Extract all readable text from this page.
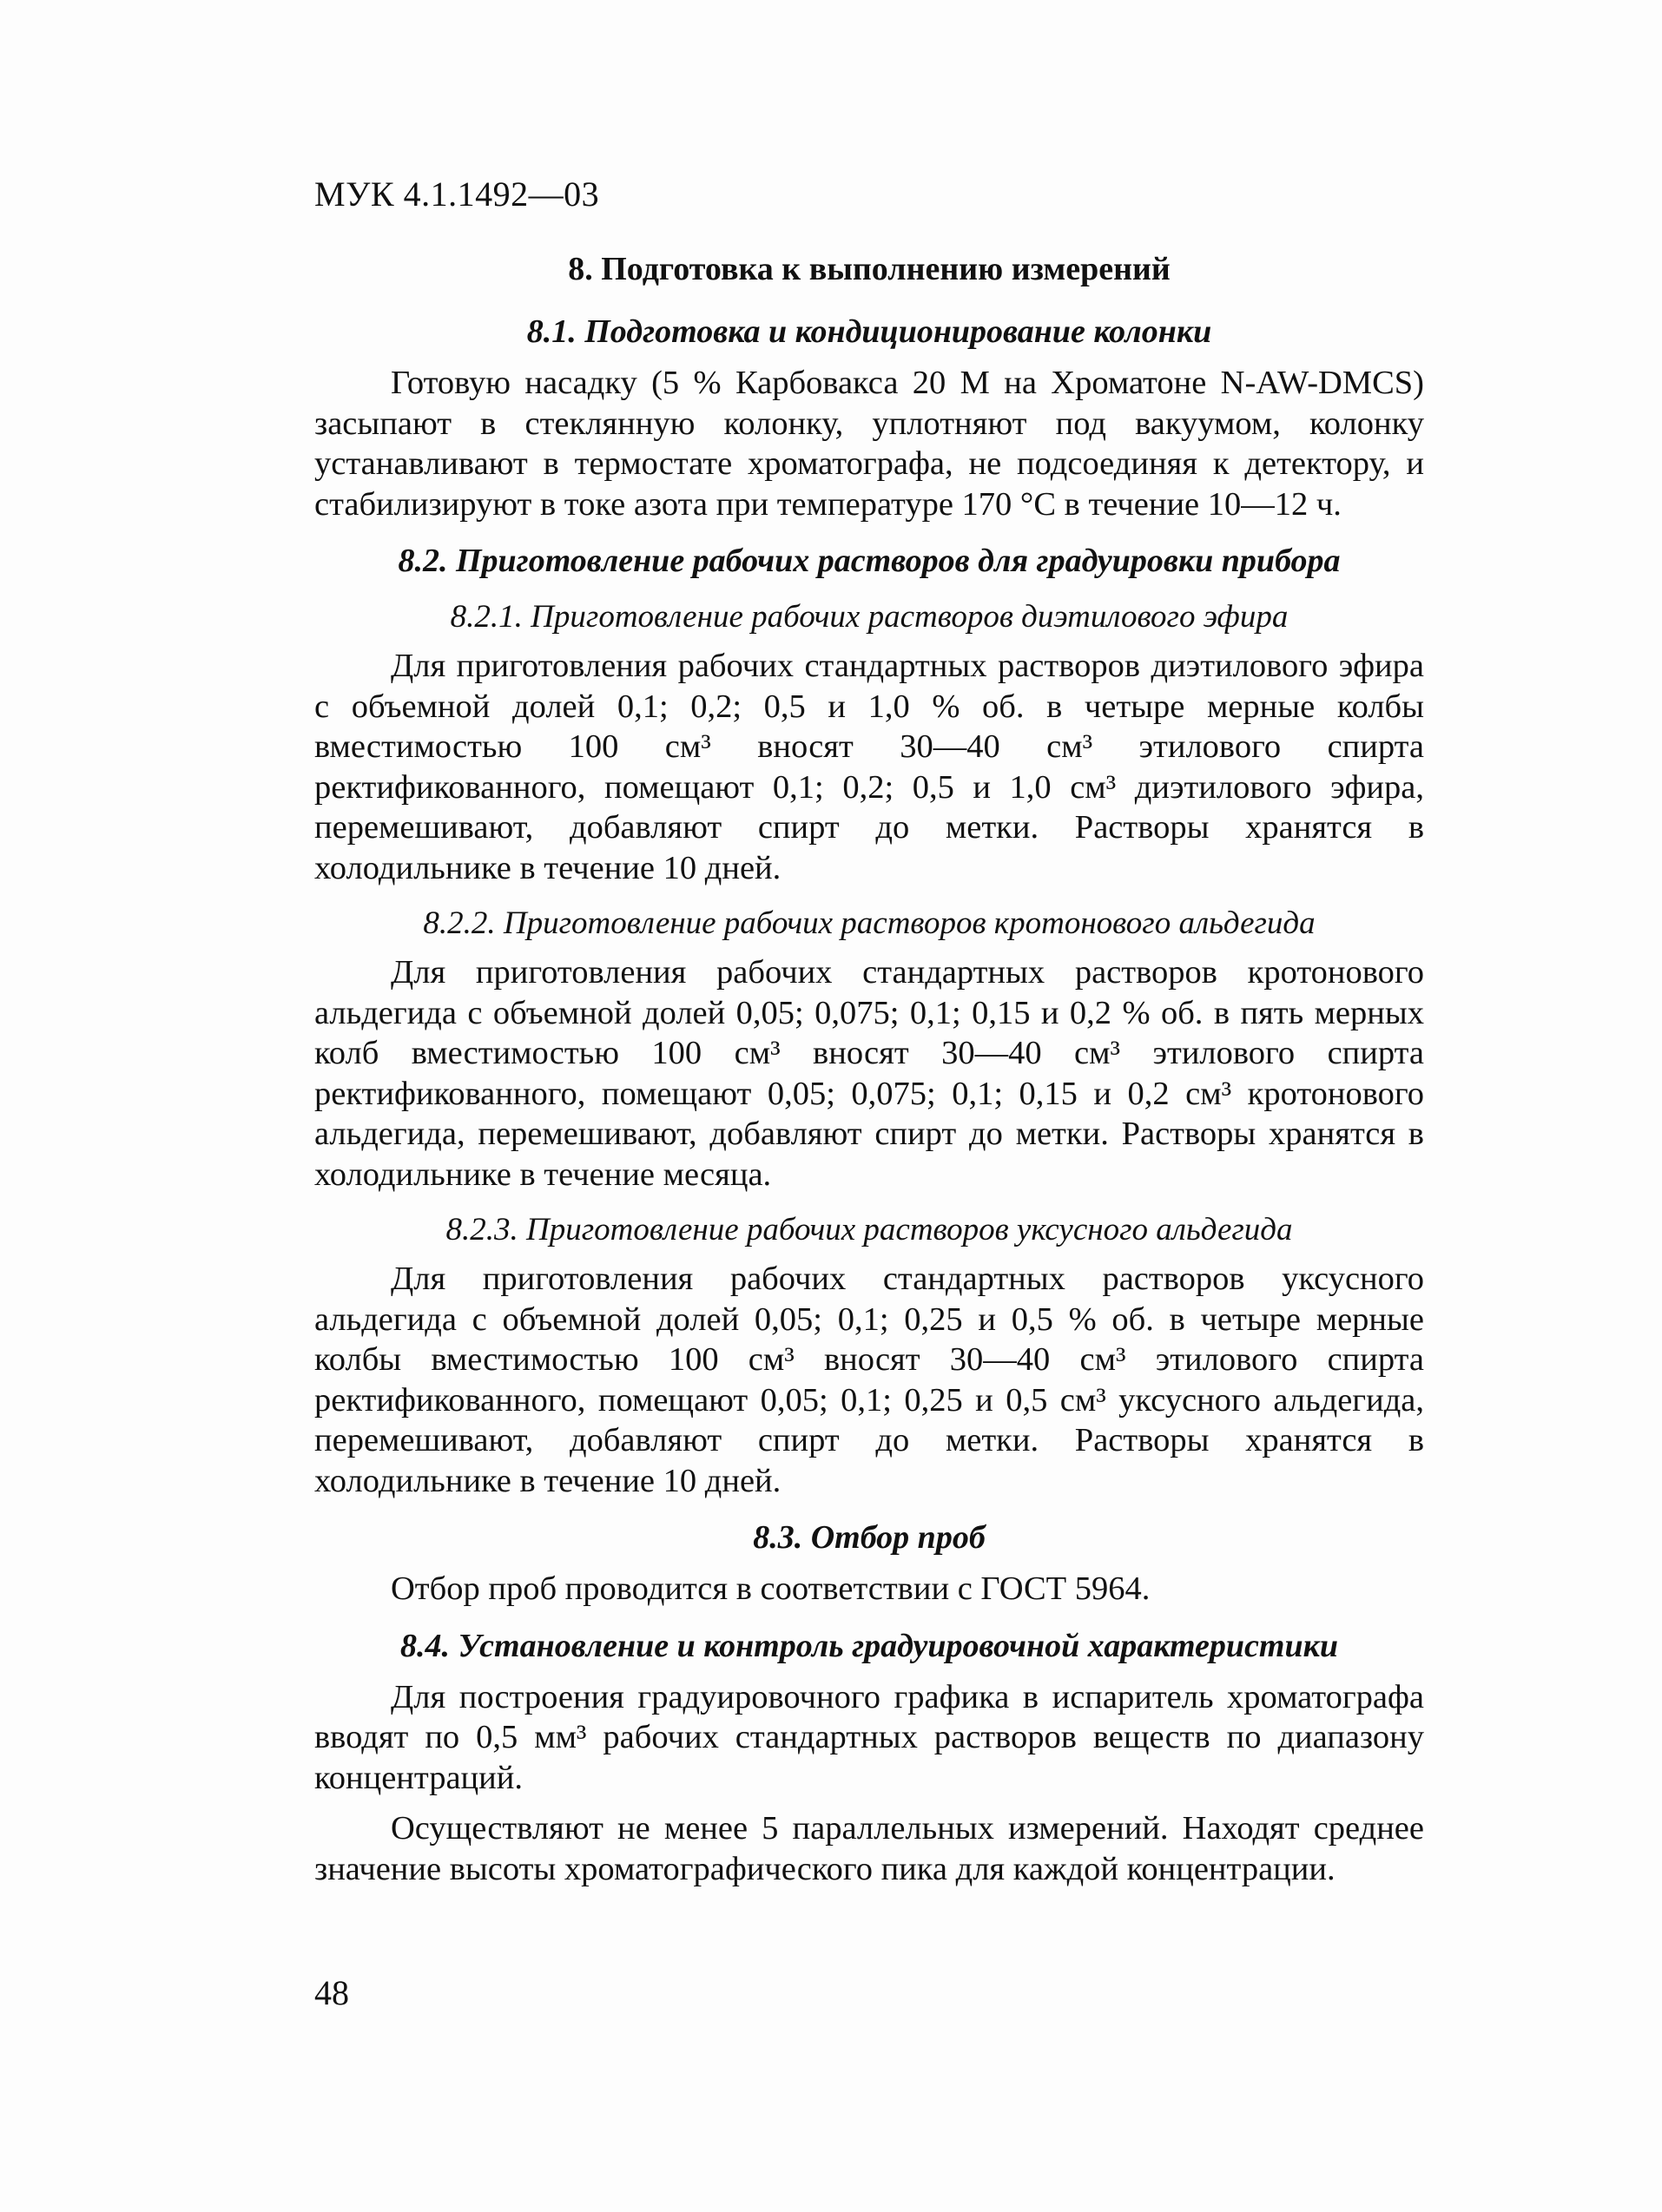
МУК 4.1.1492—03
8. Подготовка к выполнению измерений
8.1. Подготовка и кондиционирование колонки

Готовую насадку (5 % Карбовакса 20 М на Хроматоне N-AW-DMCS) засыпают в стеклянную колонку, уплотняют под вакуумом, колонку устанавливают в термостате хроматографа, не подсоединяя к детектору, и стабилизируют в токе азота при температуре 170 °С в течение 10—12 ч.

8.2. Приготовление рабочих растворов для градуировки прибора
8.2.1. Приготовление рабочих растворов диэтилового эфира

Для приготовления рабочих стандартных растворов диэтилового эфира с объемной долей 0,1; 0,2; 0,5 и 1,0 % об. в четыре мерные колбы вместимостью 100 см³ вносят 30—40 см³ этилового спирта ректификованного, помещают 0,1; 0,2; 0,5 и 1,0 см³ диэтилового эфира, перемешивают, добавляют спирт до метки. Растворы хранятся в холодильнике в течение 10 дней.

8.2.2. Приготовление рабочих растворов кротонового альдегида

Для приготовления рабочих стандартных растворов кротонового альдегида с объемной долей 0,05; 0,075; 0,1; 0,15 и 0,2 % об. в пять мерных колб вместимостью 100 см³ вносят 30—40 см³ этилового спирта ректификованного, помещают 0,05; 0,075; 0,1; 0,15 и 0,2 см³ кротонового альдегида, перемешивают, добавляют спирт до метки. Растворы хранятся в холодильнике в течение месяца.

8.2.3. Приготовление рабочих растворов уксусного альдегида

Для приготовления рабочих стандартных растворов уксусного альдегида с объемной долей 0,05; 0,1; 0,25 и 0,5 % об. в четыре мерные колбы вместимостью 100 см³ вносят 30—40 см³ этилового спирта ректификованного, помещают 0,05; 0,1; 0,25 и 0,5 см³ уксусного альдегида, перемешивают, добавляют спирт до метки. Растворы хранятся в холодильнике в течение 10 дней.

8.3. Отбор проб

Отбор проб проводится в соответствии с ГОСТ 5964.

8.4. Установление и контроль градуировочной характеристики

Для построения градуировочного графика в испаритель хроматографа вводят по 0,5 мм³ рабочих стандартных растворов веществ по диапазону концентраций.

Осуществляют не менее 5 параллельных измерений. Находят среднее значение высоты хроматографического пика для каждой концентрации.

48
